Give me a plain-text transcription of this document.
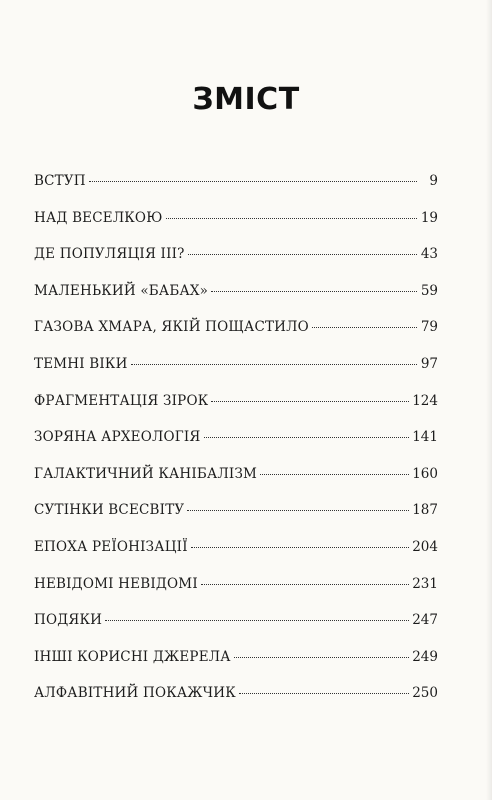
ЗМІСТ
ВСТУП	9
НАД ВЕСЕЛКОЮ	19
ДЕ ПОПУЛЯЦІЯ ІІІ?	43
МАЛЕНЬКИЙ «БАБАХ»	59
ГАЗОВА ХМАРА, ЯКІЙ ПОЩАСТИЛО	79
ТЕМНІ ВІКИ	97
ФРАГМЕНТАЦІЯ ЗІРОК	124
ЗОРЯНА АРХЕОЛОГІЯ	141
ГАЛАКТИЧНИЙ КАНІБАЛІЗМ	160
СУТІНКИ ВСЕСВІТУ	187
ЕПОХА РЕЇОНІЗАЦІЇ	204
НЕВІДОМІ НЕВІДОМІ	231
ПОДЯКИ	247
ІНШІ КОРИСНІ ДЖЕРЕЛА	249
АЛФАВІТНИЙ ПОКАЖЧИК	250
